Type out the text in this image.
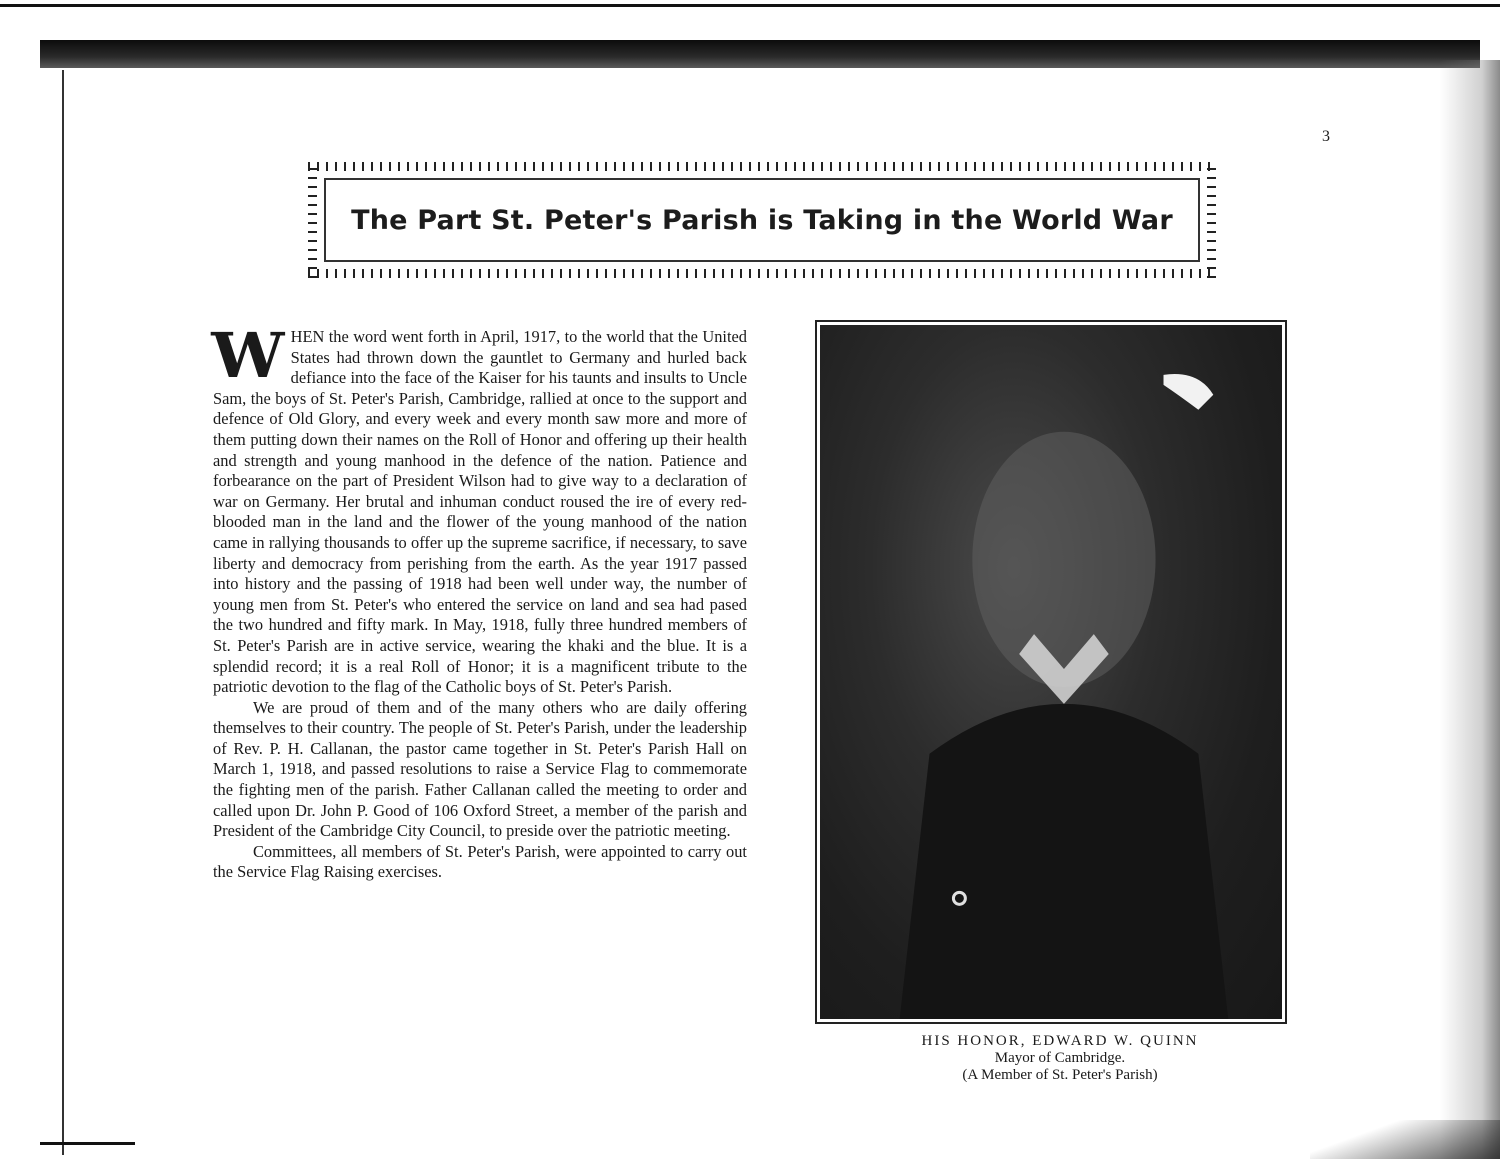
3
The Part St. Peter's Parish is Taking in the World War

WHEN the word went forth in April, 1917, to the world that the United States had thrown down the gauntlet to Germany and hurled back defiance into the face of the Kaiser for his taunts and insults to Uncle Sam, the boys of St. Peter's Parish, Cambridge, rallied at once to the support and defence of Old Glory, and every week and every month saw more and more of them putting down their names on the Roll of Honor and offering up their health and strength and young manhood in the defence of the nation. Patience and forbearance on the part of President Wilson had to give way to a declaration of war on Germany. Her brutal and inhuman conduct roused the ire of every red-blooded man in the land and the flower of the young manhood of the nation came in rallying thousands to offer up the supreme sacrifice, if necessary, to save liberty and democracy from perishing from the earth. As the year 1917 passed into history and the passing of 1918 had been well under way, the number of young men from St. Peter's who entered the service on land and sea had pased the two hundred and fifty mark. In May, 1918, fully three hundred members of St. Peter's Parish are in active service, wearing the khaki and the blue. It is a splendid record; it is a real Roll of Honor; it is a magnificent tribute to the patriotic devotion to the flag of the Catholic boys of St. Peter's Parish.

We are proud of them and of the many others who are daily offering themselves to their country. The people of St. Peter's Parish, under the leadership of Rev. P. H. Callanan, the pastor came together in St. Peter's Parish Hall on March 1, 1918, and passed resolutions to raise a Service Flag to commemorate the fighting men of the parish. Father Callanan called the meeting to order and called upon Dr. John P. Good of 106 Oxford Street, a member of the parish and President of the Cambridge City Council, to preside over the patriotic meeting.

Committees, all members of St. Peter's Parish, were appointed to carry out the Service Flag Raising exercises.

HIS HONOR, EDWARD W. QUINN
Mayor of Cambridge.
(A Member of St. Peter's Parish)
